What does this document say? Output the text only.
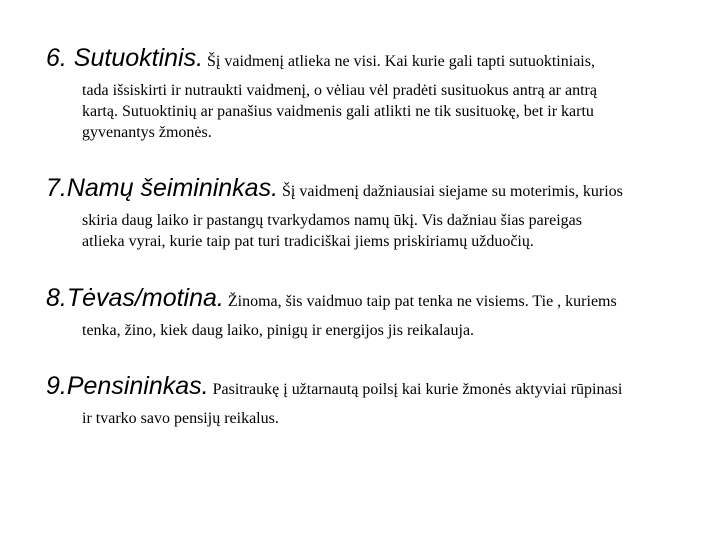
6. Sutuoktinis. Šį vaidmenį atlieka ne visi. Kai kurie gali tapti sutuoktiniais,
tada išsiskirti ir nutraukti vaidmenį, o vėliau vėl pradėti susituokus antrą ar antrą
kartą. Sutuoktinių ar panašius vaidmenis gali atlikti ne tik susituokę, bet ir kartu
gyvenantys žmonės.
7.Namų šeimininkas. Šį vaidmenį dažniausiai siejame su moterimis, kurios
skiria daug laiko ir pastangų tvarkydamos namų ūkį. Vis dažniau šias pareigas
atlieka vyrai, kurie taip pat turi tradiciškai jiems priskiriamų užduočių.
8.Tėvas/motina. Žinoma, šis vaidmuo taip pat tenka ne visiems. Tie , kuriems
tenka, žino, kiek daug laiko, pinigų ir energijos jis reikalauja.
9.Pensininkas. Pasitraukę į užtarnautą poilsį kai kurie žmonės aktyviai rūpinasi
ir tvarko savo pensijų reikalus.
